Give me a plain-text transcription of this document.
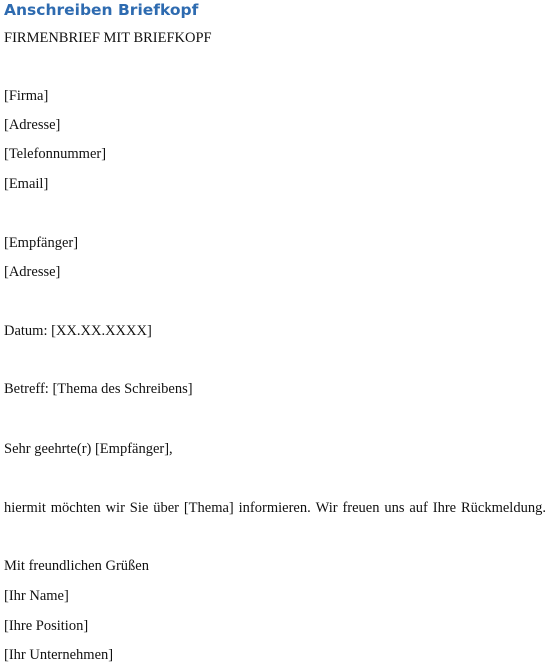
Anschreiben Briefkopf
FIRMENBRIEF MIT BRIEFKOPF
[Firma]
[Adresse]
[Telefonnummer]
[Email]
[Empfänger]
[Adresse]
Datum: [XX.XX.XXXX]
Betreff: [Thema des Schreibens]
Sehr geehrte(r) [Empfänger],
hiermit möchten wir Sie über [Thema] informieren. Wir freuen uns auf Ihre Rückmeldung.
Mit freundlichen Grüßen
[Ihr Name]
[Ihre Position]
[Ihr Unternehmen]
